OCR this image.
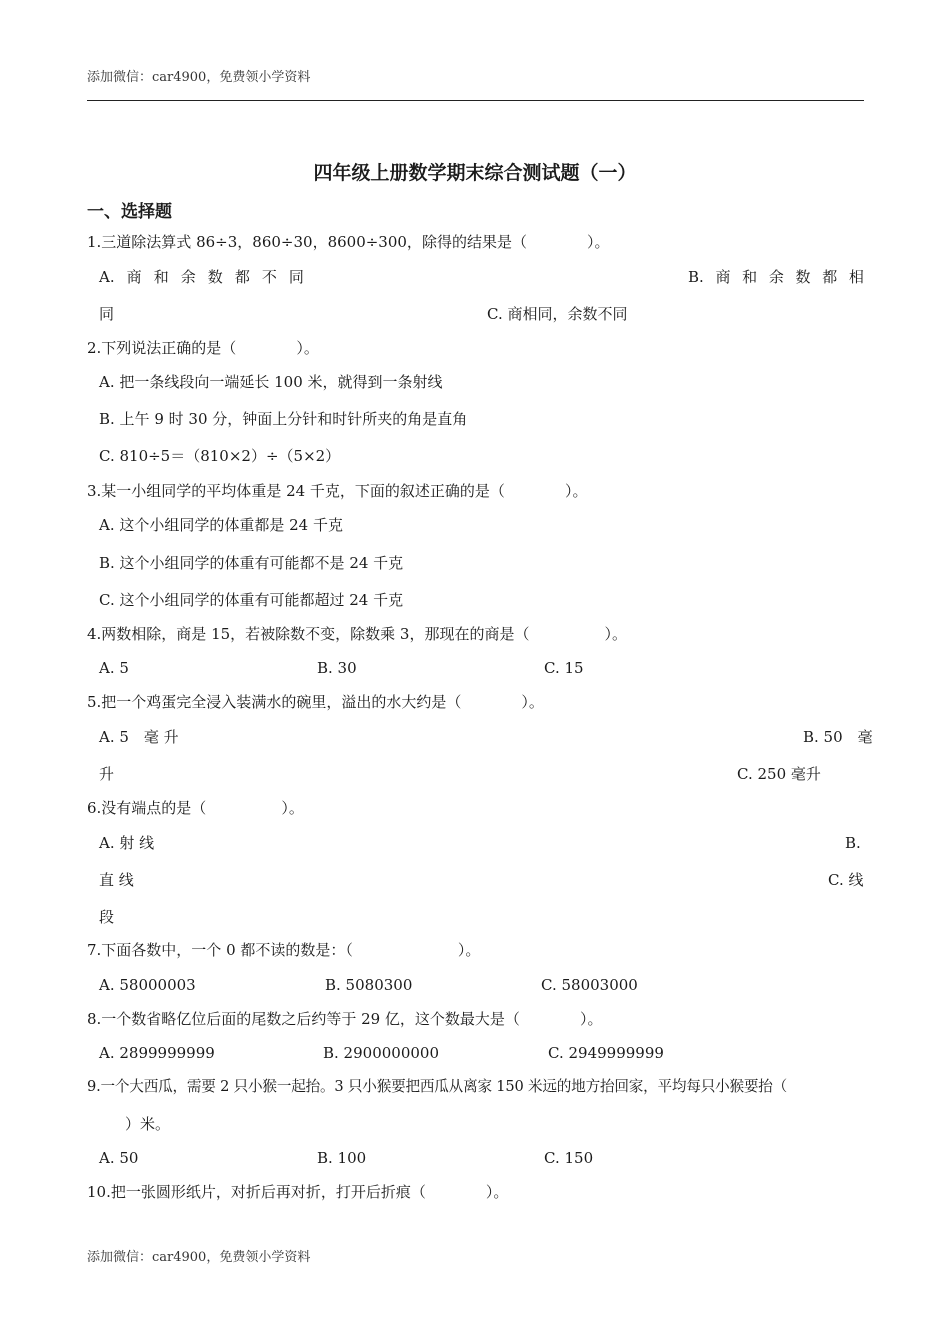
添加微信：car4900，免费领小学资料
四年级上册数学期末综合测试题（一）
一、选择题
1.三道除法算式 86÷3，860÷30，8600÷300，除得的结果是（　　　　）。
A. 商 和 余 数 都 不 同	B. 商 和 余 数 都 相
同	C. 商相同，余数不同
2.下列说法正确的是（　　　　）。
A. 把一条线段向一端延长 100 米，就得到一条射线
B. 上午 9 时 30 分，钟面上分针和时针所夹的角是直角
C. 810÷5＝（810×2）÷（5×2）
3.某一小组同学的平均体重是 24 千克，下面的叙述正确的是（　　　　）。
A. 这个小组同学的体重都是 24 千克
B. 这个小组同学的体重有可能都不是 24 千克
C. 这个小组同学的体重有可能都超过 24 千克
4.两数相除，商是 15，若被除数不变，除数乘 3，那现在的商是（　　　　　）。
A. 5	B. 30	C. 15
5.把一个鸡蛋完全浸入装满水的碗里，溢出的水大约是（　　　　）。
A. 5　毫 升	B. 50　毫
升	C. 250 毫升
6.没有端点的是（　　　　　）。
A. 射 线	B.
直 线	C. 线
段
7.下面各数中，一个 0 都不读的数是：（　　　　　　　）。
A. 58000003	B. 5080300	C. 58003000
8.一个数省略亿位后面的尾数之后约等于 29 亿，这个数最大是（　　　　）。
A. 2899999999	B. 2900000000	C. 2949999999
9.一个大西瓜，需要 2 只小猴一起抬。3 只小猴要把西瓜从离家 150 米远的地方抬回家，平均每只小猴要抬（
）米。
A. 50	B. 100	C. 150
10.把一张圆形纸片，对折后再对折，打开后折痕（　　　　）。
添加微信：car4900，免费领小学资料
